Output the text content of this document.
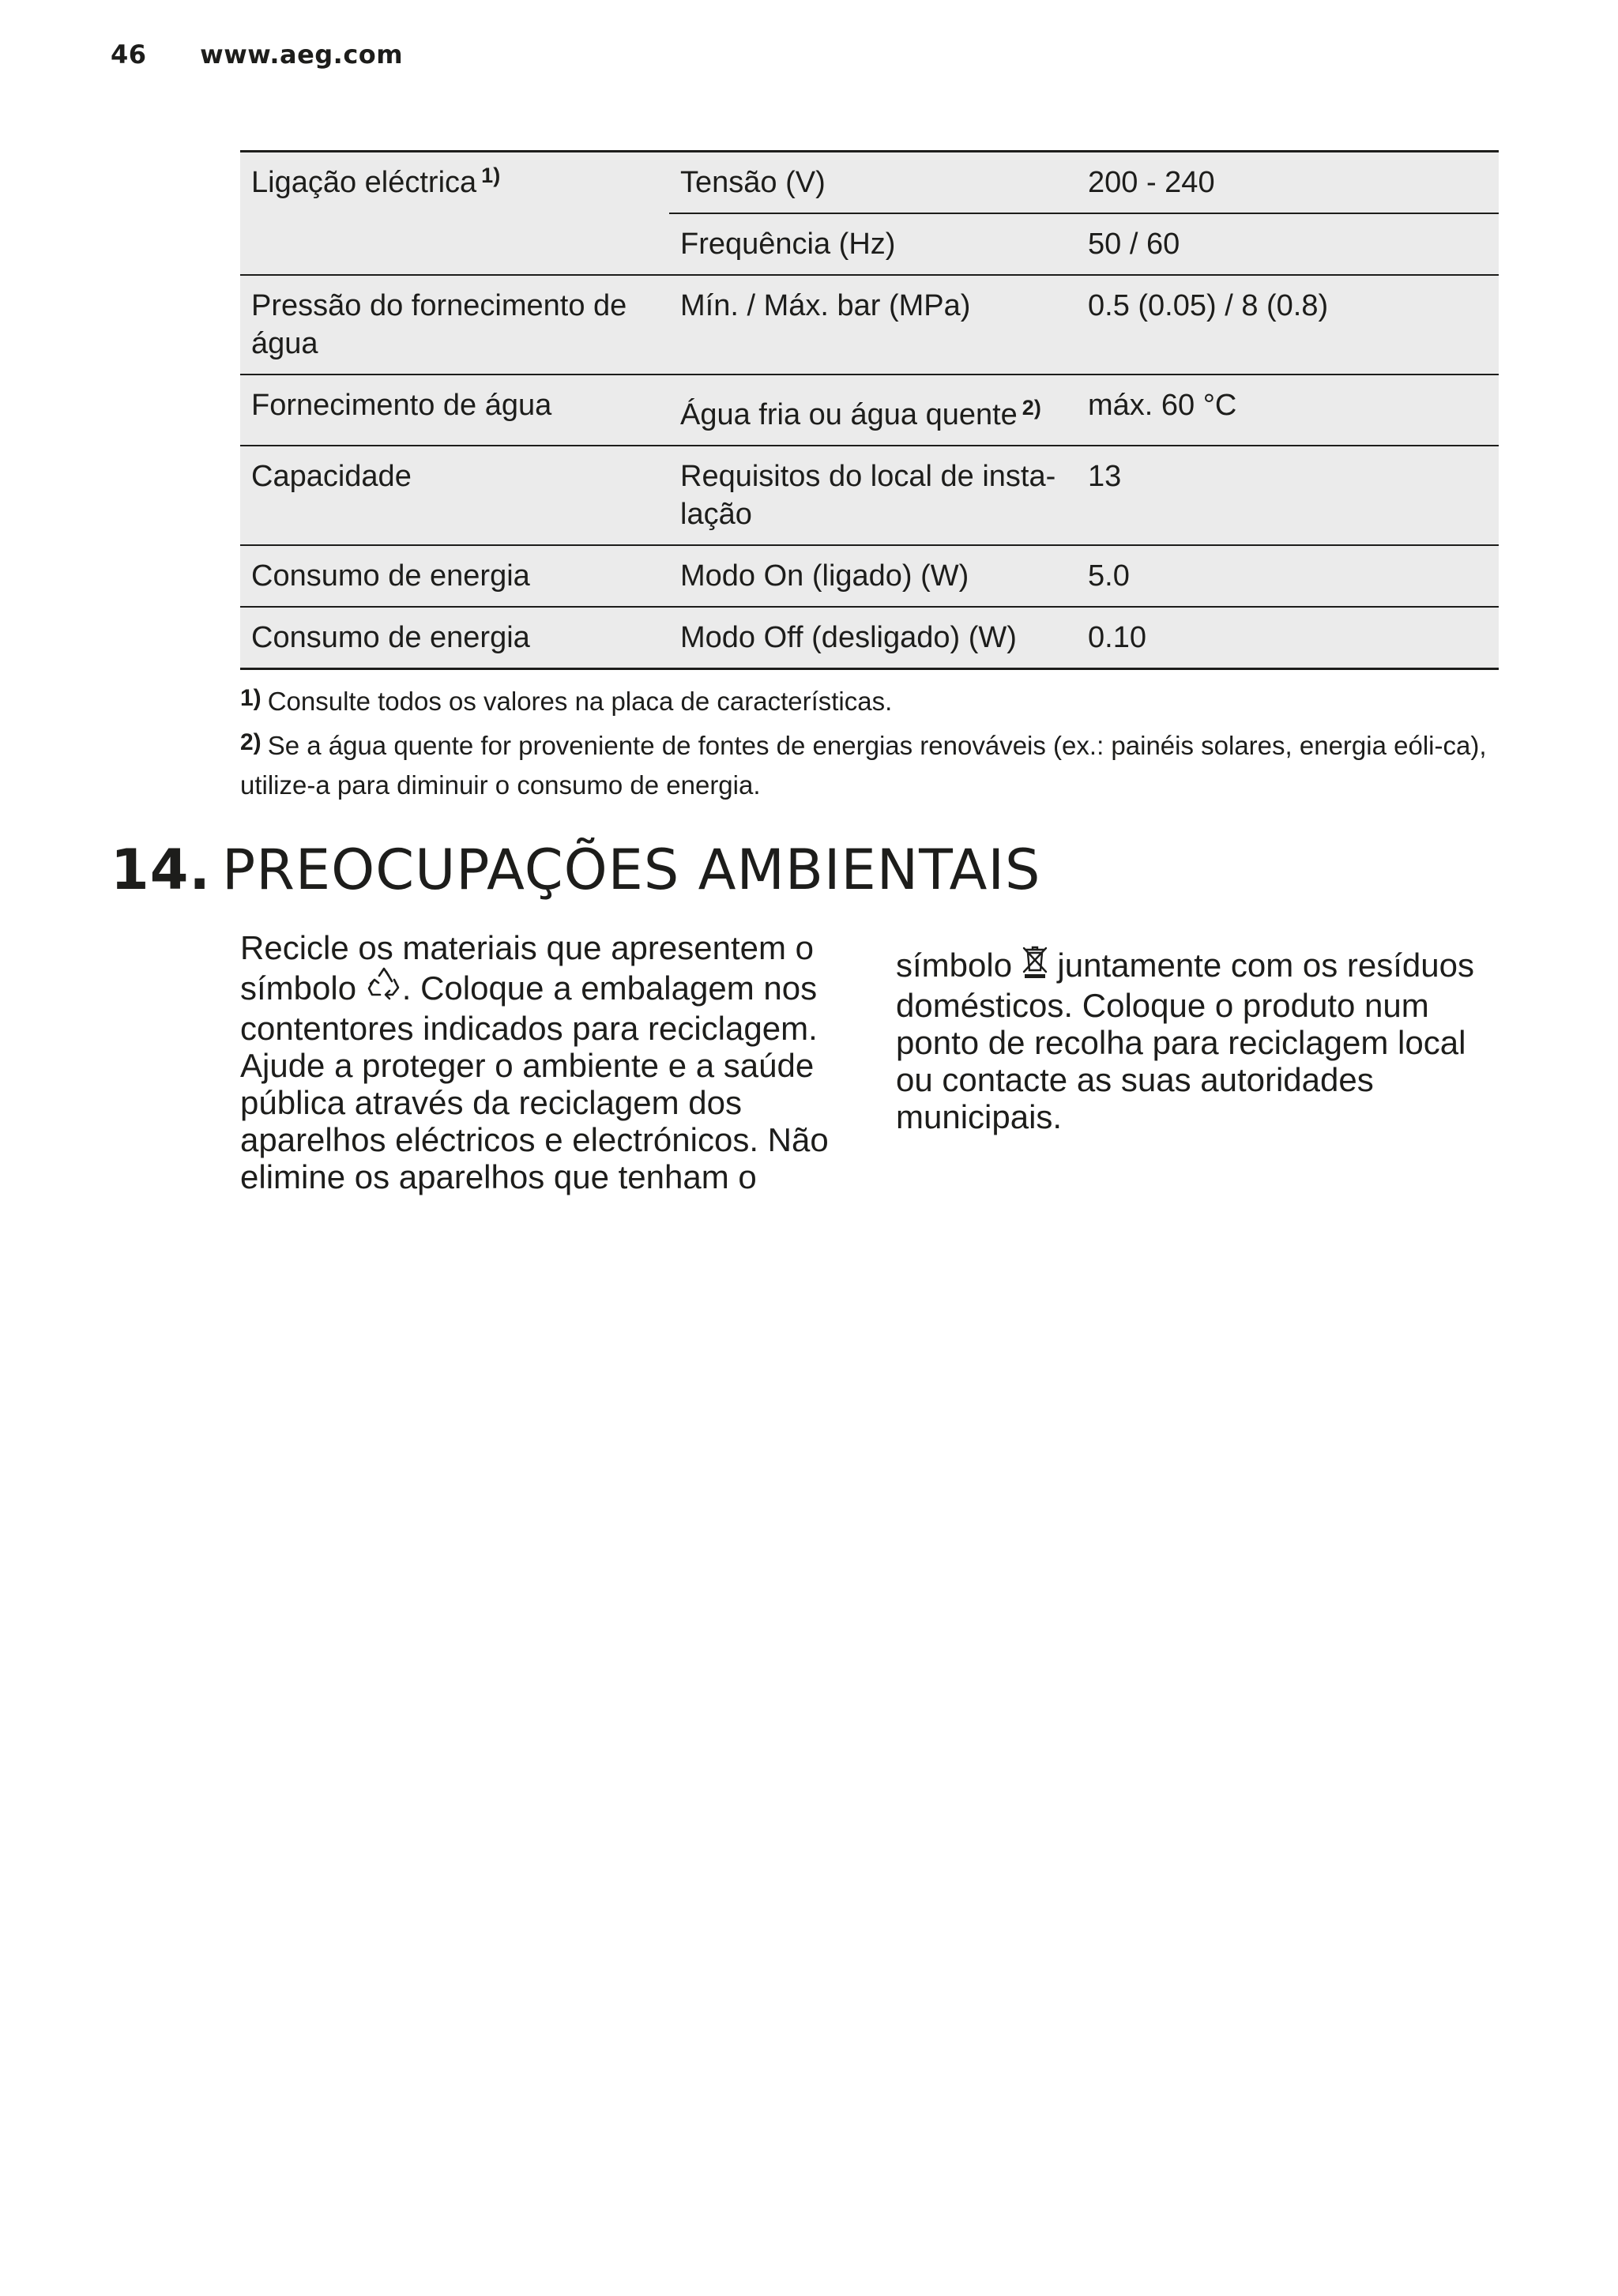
46 www.aeg.com
Ligação eléctrica $^{1)}$	Tensão (V)	200 - 240
	Frequência (Hz)	50 / 60
Pressão do fornecimento de água	Mín. / Máx. bar (MPa)	0.5 (0.05) / 8 (0.8)
Fornecimento de água	Água fria ou água quente $^{2)}$	máx. 60 °C
Capacidade	Requisitos do local de insta-lação	13
Consumo de energia	Modo On (ligado) (W)	5.0
Consumo de energia	Modo Off (desligado) (W)	0.10
1) Consulte todos os valores na placa de características.
2) Se a água quente for proveniente de fontes de energias renováveis (ex.: painéis solares, energia eóli-ca), utilize-a para diminuir o consumo de energia.
14. PREOCUPAÇÕES AMBIENTAIS
Recicle os materiais que apresentem o
símbolo . Coloque a embalagem nos contentores indicados para reciclagem. Ajude a proteger o ambiente e a saúde pública através da reciclagem dos aparelhos eléctricos e electrónicos. Não elimine os aparelhos que tenham o
símbolo juntamente com os resíduos domésticos. Coloque o produto num ponto de recolha para reciclagem local ou contacte as suas autoridades municipais.
